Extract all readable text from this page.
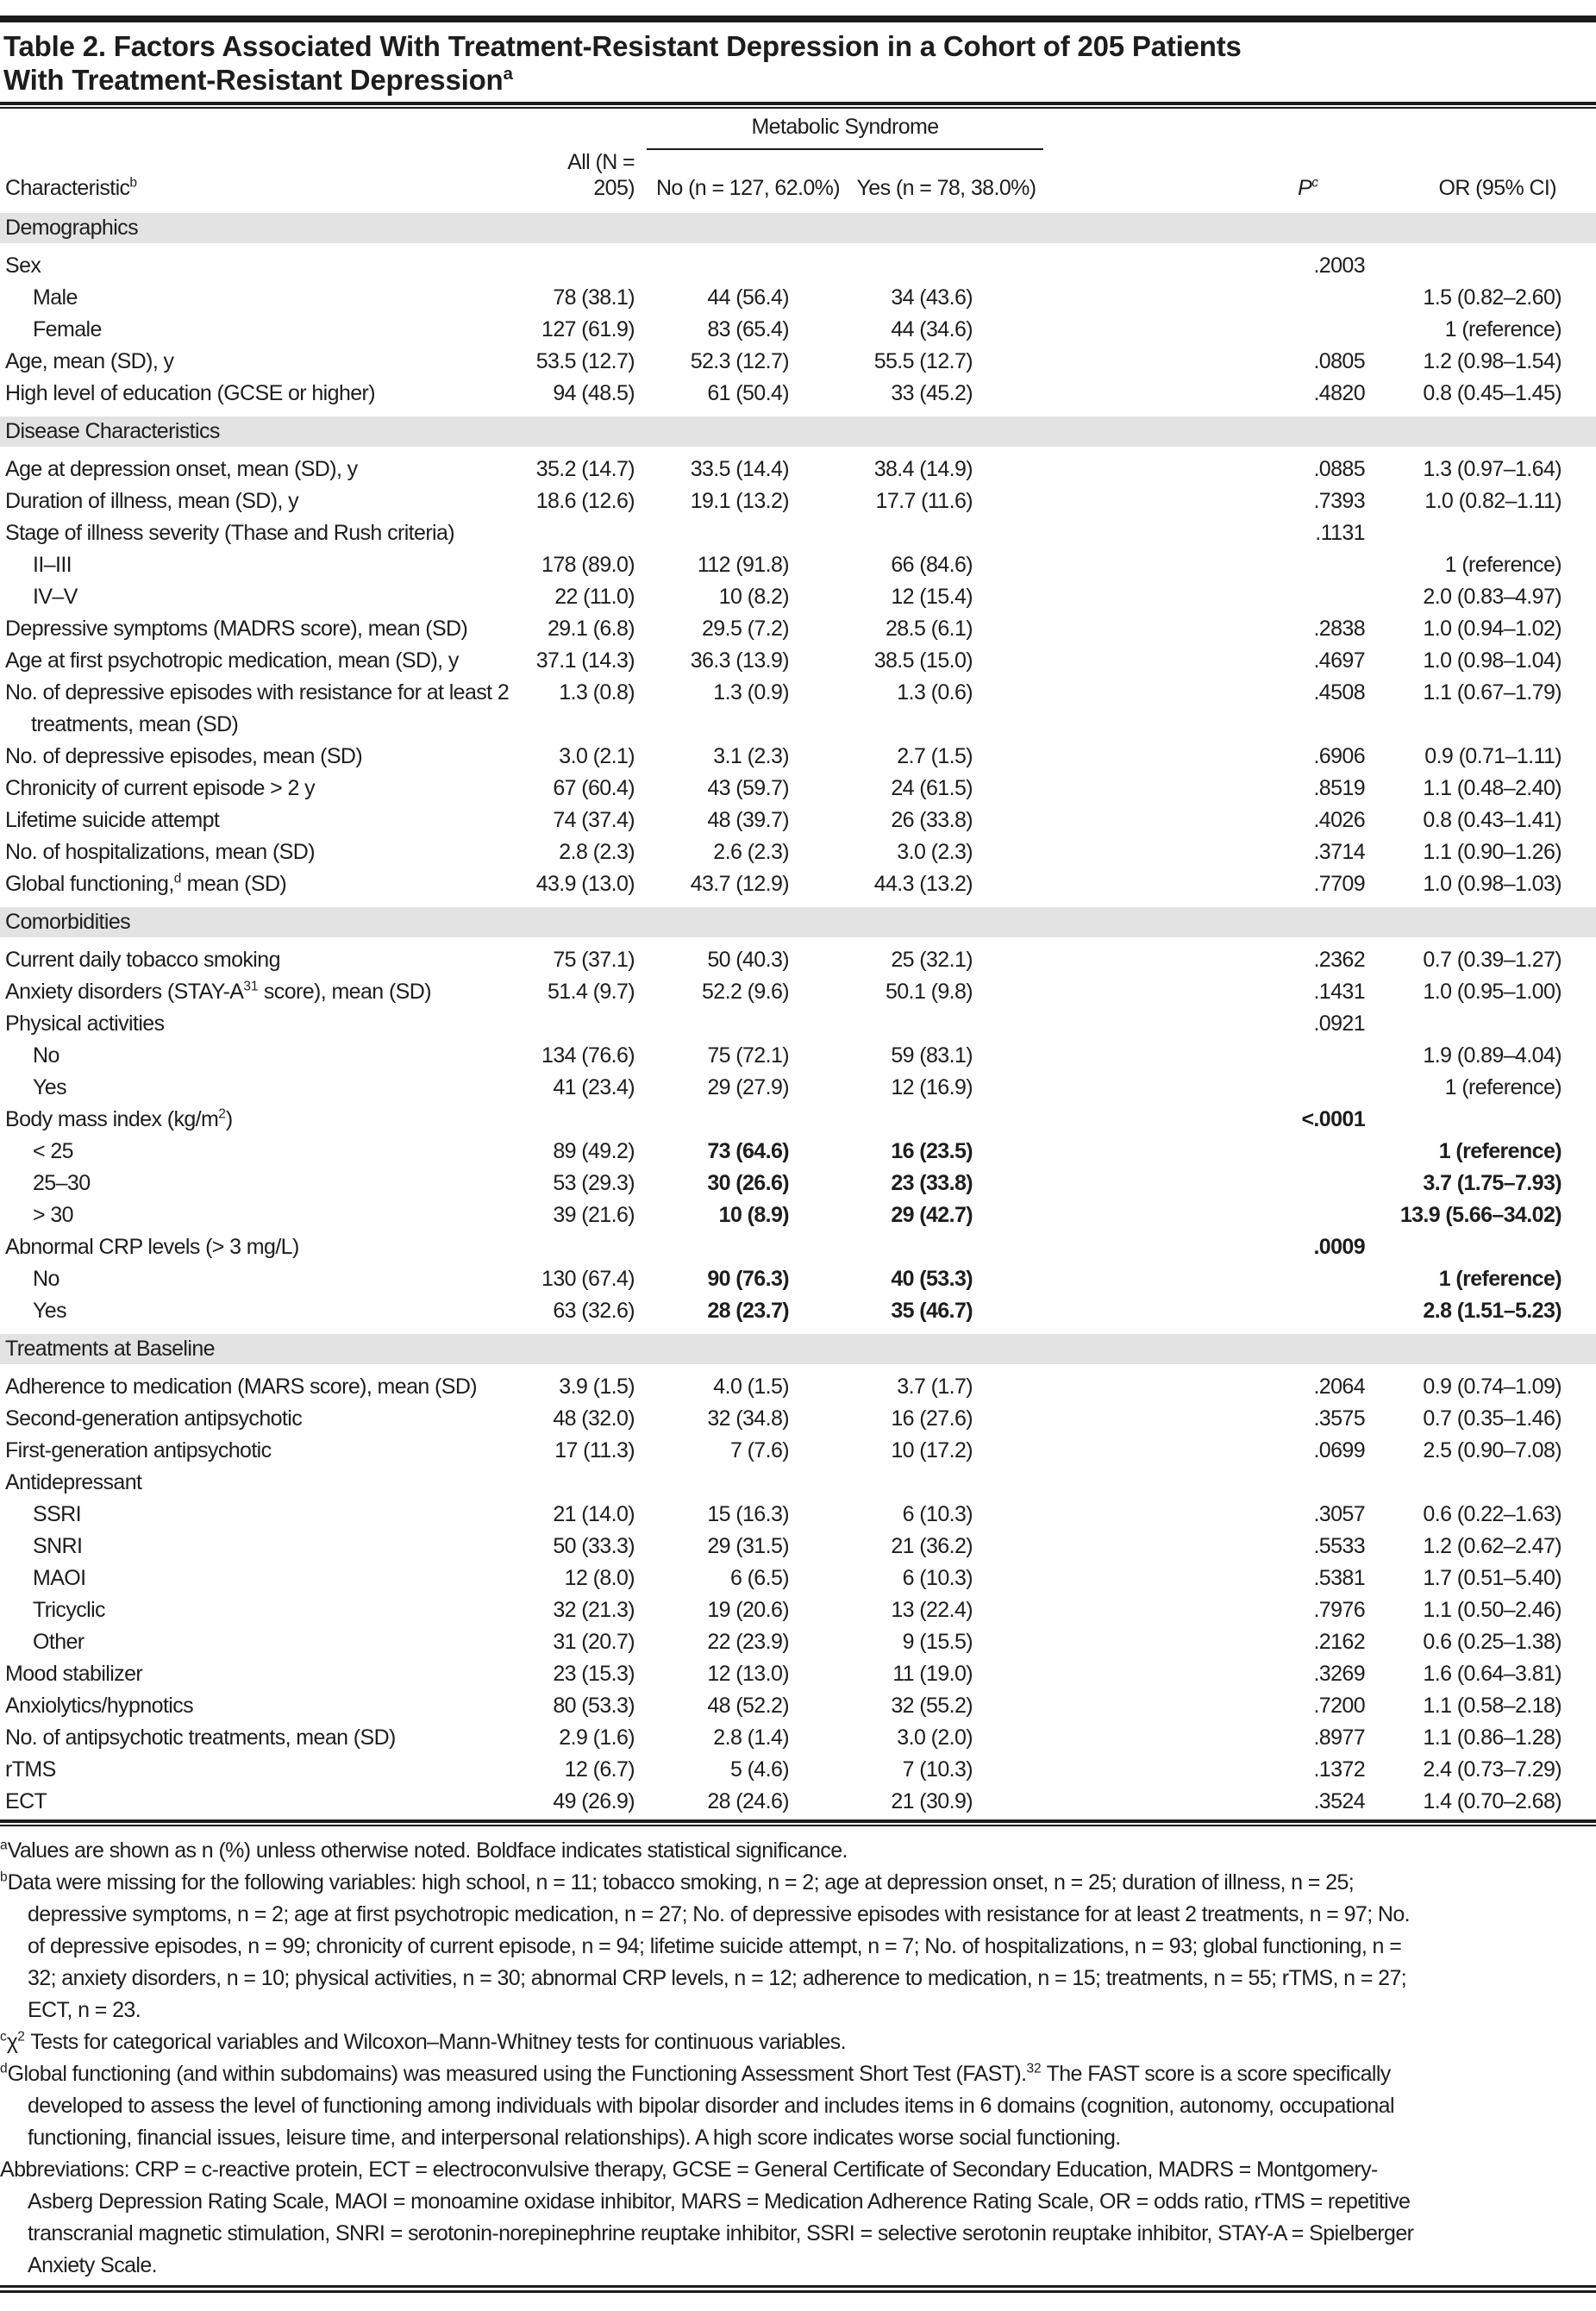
Table 2. Factors Associated With Treatment-Resistant Depression in a Cohort of 205 Patients
With Treatment-Resistant Depression$^a$
		Metabolic Syndrome			
Characteristic$^b$	All (N = 205)	No (n = 127, 62.0%)	Yes (n = 78, 38.0%)	$P^c$	OR (95% CI)
Demographics					
Sex				.2003	
Male	78 (38.1)	44 (56.4)	34 (43.6)		1.5 (0.82–2.60)
Female	127 (61.9)	83 (65.4)	44 (34.6)		1 (reference)
Age, mean (SD), y	53.5 (12.7)	52.3 (12.7)	55.5 (12.7)	.0805	1.2 (0.98–1.54)
High level of education (GCSE or higher)	94 (48.5)	61 (50.4)	33 (45.2)	.4820	0.8 (0.45–1.45)
Disease Characteristics					
Age at depression onset, mean (SD), y	35.2 (14.7)	33.5 (14.4)	38.4 (14.9)	.0885	1.3 (0.97–1.64)
Duration of illness, mean (SD), y	18.6 (12.6)	19.1 (13.2)	17.7 (11.6)	.7393	1.0 (0.82–1.11)
Stage of illness severity (Thase and Rush criteria)				.1131	
II–III	178 (89.0)	112 (91.8)	66 (84.6)		1 (reference)
IV–V	22 (11.0)	10 (8.2)	12 (15.4)		2.0 (0.83–4.97)
Depressive symptoms (MADRS score), mean (SD)	29.1 (6.8)	29.5 (7.2)	28.5 (6.1)	.2838	1.0 (0.94–1.02)
Age at first psychotropic medication, mean (SD), y	37.1 (14.3)	36.3 (13.9)	38.5 (15.0)	.4697	1.0 (0.98–1.04)
No. of depressive episodes with resistance for at least 2 treatments, mean (SD)	1.3 (0.8)	1.3 (0.9)	1.3 (0.6)	.4508	1.1 (0.67–1.79)
No. of depressive episodes, mean (SD)	3.0 (2.1)	3.1 (2.3)	2.7 (1.5)	.6906	0.9 (0.71–1.11)
Chronicity of current episode > 2 y	67 (60.4)	43 (59.7)	24 (61.5)	.8519	1.1 (0.48–2.40)
Lifetime suicide attempt	74 (37.4)	48 (39.7)	26 (33.8)	.4026	0.8 (0.43–1.41)
No. of hospitalizations, mean (SD)	2.8 (2.3)	2.6 (2.3)	3.0 (2.3)	.3714	1.1 (0.90–1.26)
Global functioning,$^d$ mean (SD)	43.9 (13.0)	43.7 (12.9)	44.3 (13.2)	.7709	1.0 (0.98–1.03)
Comorbidities					
Current daily tobacco smoking	75 (37.1)	50 (40.3)	25 (32.1)	.2362	0.7 (0.39–1.27)
Anxiety disorders ($STAY-A^{31}$ score), mean (SD)	51.4 (9.7)	52.2 (9.6)	50.1 (9.8)	.1431	1.0 (0.95–1.00)
Physical activities				.0921	
No	134 (76.6)	75 (72.1)	59 (83.1)		1.9 (0.89–4.04)
Yes	41 (23.4)	29 (27.9)	12 (16.9)		1 (reference)
Body mass index $(kg/m^2)$				<.0001	
< 25	89 (49.2)	73 (64.6)	16 (23.5)		1 (reference)
25–30	53 (29.3)	30 (26.6)	23 (33.8)		3.7 (1.75–7.93)
> 30	39 (21.6)	10 (8.9)	29 (42.7)		13.9 (5.66–34.02)
Abnormal CRP levels (> 3 mg/L)				.0009	
No	130 (67.4)	90 (76.3)	40 (53.3)		1 (reference)
Yes	63 (32.6)	28 (23.7)	35 (46.7)		2.8 (1.51–5.23)
Treatments at Baseline					
Adherence to medication (MARS score), mean (SD)	3.9 (1.5)	4.0 (1.5)	3.7 (1.7)	.2064	0.9 (0.74–1.09)
Second-generation antipsychotic	48 (32.0)	32 (34.8)	16 (27.6)	.3575	0.7 (0.35–1.46)
First-generation antipsychotic	17 (11.3)	7 (7.6)	10 (17.2)	.0699	2.5 (0.90–7.08)
Antidepressant					
SSRI	21 (14.0)	15 (16.3)	6 (10.3)	.3057	0.6 (0.22–1.63)
SNRI	50 (33.3)	29 (31.5)	21 (36.2)	.5533	1.2 (0.62–2.47)
MAOI	12 (8.0)	6 (6.5)	6 (10.3)	.5381	1.7 (0.51–5.40)
Tricyclic	32 (21.3)	19 (20.6)	13 (22.4)	.7976	1.1 (0.50–2.46)
Other	31 (20.7)	22 (23.9)	9 (15.5)	.2162	0.6 (0.25–1.38)
Mood stabilizer	23 (15.3)	12 (13.0)	11 (19.0)	.3269	1.6 (0.64–3.81)
Anxiolytics/hypnotics	80 (53.3)	48 (52.2)	32 (55.2)	.7200	1.1 (0.58–2.18)
No. of antipsychotic treatments, mean (SD)	2.9 (1.6)	2.8 (1.4)	3.0 (2.0)	.8977	1.1 (0.86–1.28)
rTMS	12 (6.7)	5 (4.6)	7 (10.3)	.1372	2.4 (0.73–7.29)
ECT	49 (26.9)	28 (24.6)	21 (30.9)	.3524	1.4 (0.70–2.68)

$^a$Values are shown as n (%) unless otherwise noted. Boldface indicates statistical significance.

$^b$Data were missing for the following variables: high school, n = 11; tobacco smoking, n = 2; age at depression onset, n = 25; duration of illness, n = 25; depressive symptoms, n = 2; age at first psychotropic medication, n = 27; No. of depressive episodes with resistance for at least 2 treatments, n = 97; No. of depressive episodes, n = 99; chronicity of current episode, n = 94; lifetime suicide attempt, n = 7; No. of hospitalizations, n = 93; global functioning, n = 32; anxiety disorders, n = 10; physical activities, n = 30; abnormal CRP levels, n = 12; adherence to medication, n = 15; treatments, n = 55; rTMS, n = 27; ECT, n = 23.

$^c\chi^2$ Tests for categorical variables and Wilcoxon–Mann-Whitney tests for continuous variables.

$^d$Global functioning (and within subdomains) was measured using the Functioning Assessment Short Test (FAST).$^{32}$ The FAST score is a score specifically developed to assess the level of functioning among individuals with bipolar disorder and includes items in 6 domains (cognition, autonomy, occupational functioning, financial issues, leisure time, and interpersonal relationships). A high score indicates worse social functioning.

Abbreviations: CRP = c-reactive protein, ECT = electroconvulsive therapy, GCSE = General Certificate of Secondary Education, MADRS = Montgomery-Asberg Depression Rating Scale, MAOI = monoamine oxidase inhibitor, MARS = Medication Adherence Rating Scale, OR = odds ratio, rTMS = repetitive transcranial magnetic stimulation, SNRI = serotonin-norepinephrine reuptake inhibitor, SSRI = selective serotonin reuptake inhibitor, STAY-A = Spielberger Anxiety Scale.
